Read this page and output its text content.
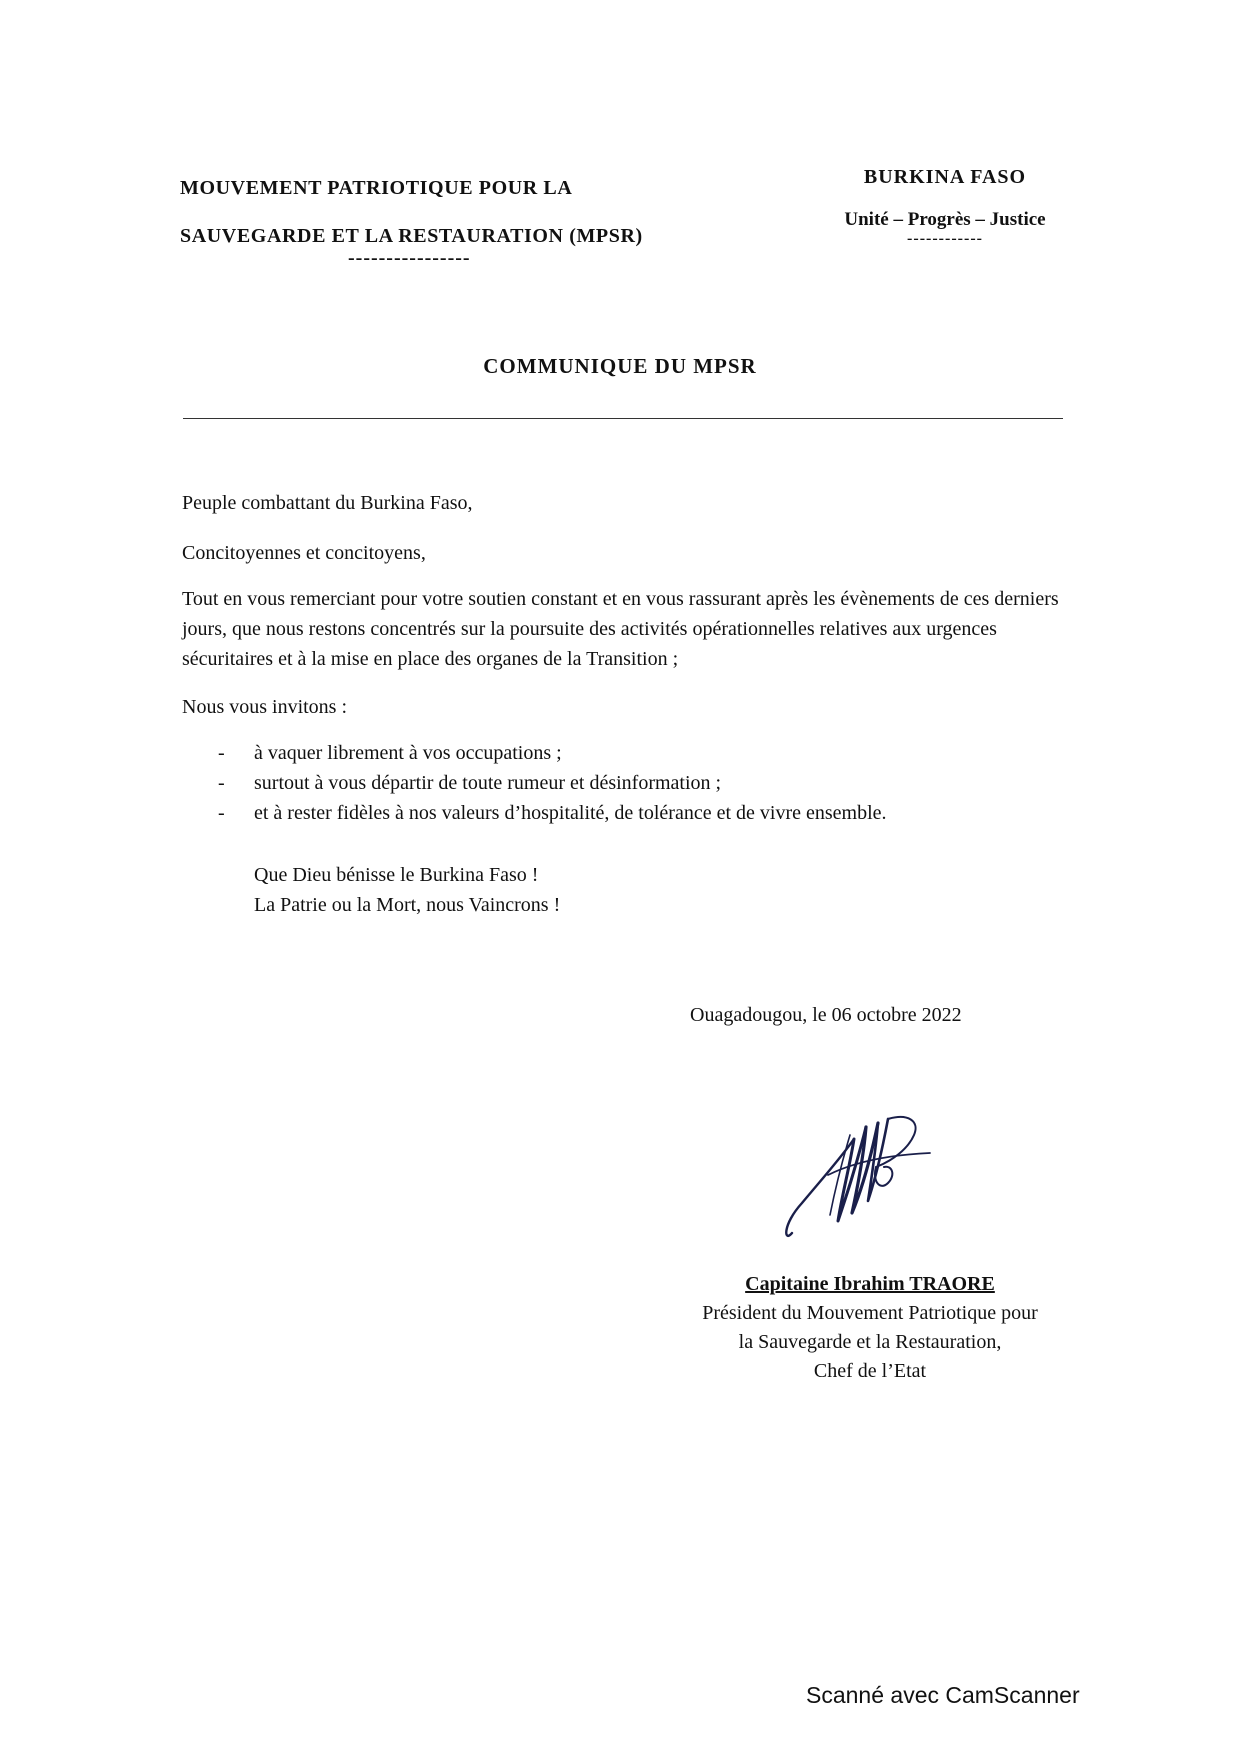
MOUVEMENT PATRIOTIQUE POUR LA
SAUVEGARDE ET LA RESTAURATION (MPSR)
----------------
BURKINA FASO
Unité – Progrès – Justice
------------
COMMUNIQUE DU MPSR

Peuple combattant du Burkina Faso,

Concitoyennes et concitoyens,

Tout en vous remerciant pour votre soutien constant et en vous rassurant après les évènements de ces derniers jours, que nous restons concentrés sur la poursuite des activités opérationnelles relatives aux urgences sécuritaires et à la mise en place des organes de la Transition ;

Nous vous invitons :

- à vaquer librement à vos occupations ;
- surtout à vous départir de toute rumeur et désinformation ;
- et à rester fidèles à nos valeurs d’hospitalité, de tolérance et de vivre ensemble.
Que Dieu bénisse le Burkina Faso !
La Patrie ou la Mort, nous Vaincrons !
Ouagadougou, le 06 octobre 2022
Capitaine Ibrahim TRAORE
Président du Mouvement Patriotique pour
la Sauvegarde et la Restauration,
Chef de l’Etat
Scanné avec CamScanner
